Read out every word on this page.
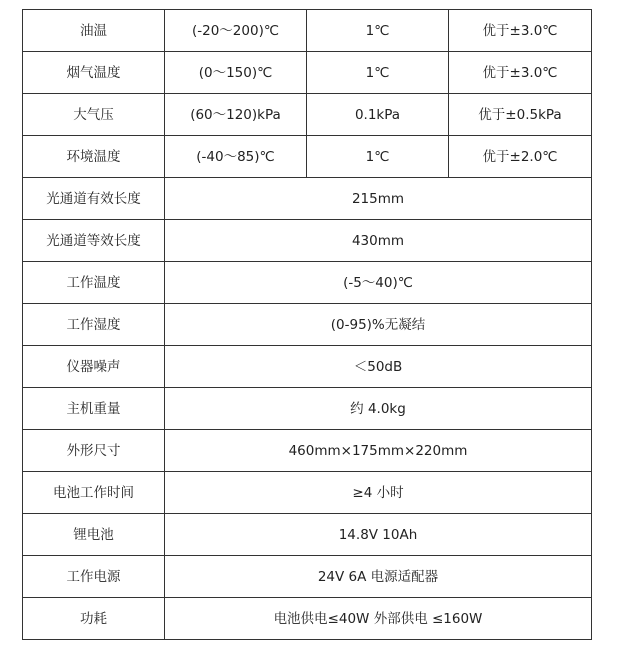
油温	(-20～200)℃	1℃	优于±3.0℃
烟气温度	(0～150)℃	1℃	优于±3.0℃
大气压	(60～120)kPa	0.1kPa	优于±0.5kPa
环境温度	(-40～85)℃	1℃	优于±2.0℃
光通道有效长度	215mm		
光通道等效长度	430mm		
工作温度	(-5～40)℃		
工作湿度	(0-95)%无凝结		
仪器噪声	＜50dB		
主机重量	约 4.0kg		
外形尺寸	460mm×175mm×220mm		
电池工作时间	≥4 小时		
锂电池	14.8V 10Ah		
工作电源	24V 6A 电源适配器		
功耗	电池供电≤40W 外部供电 ≤160W		
